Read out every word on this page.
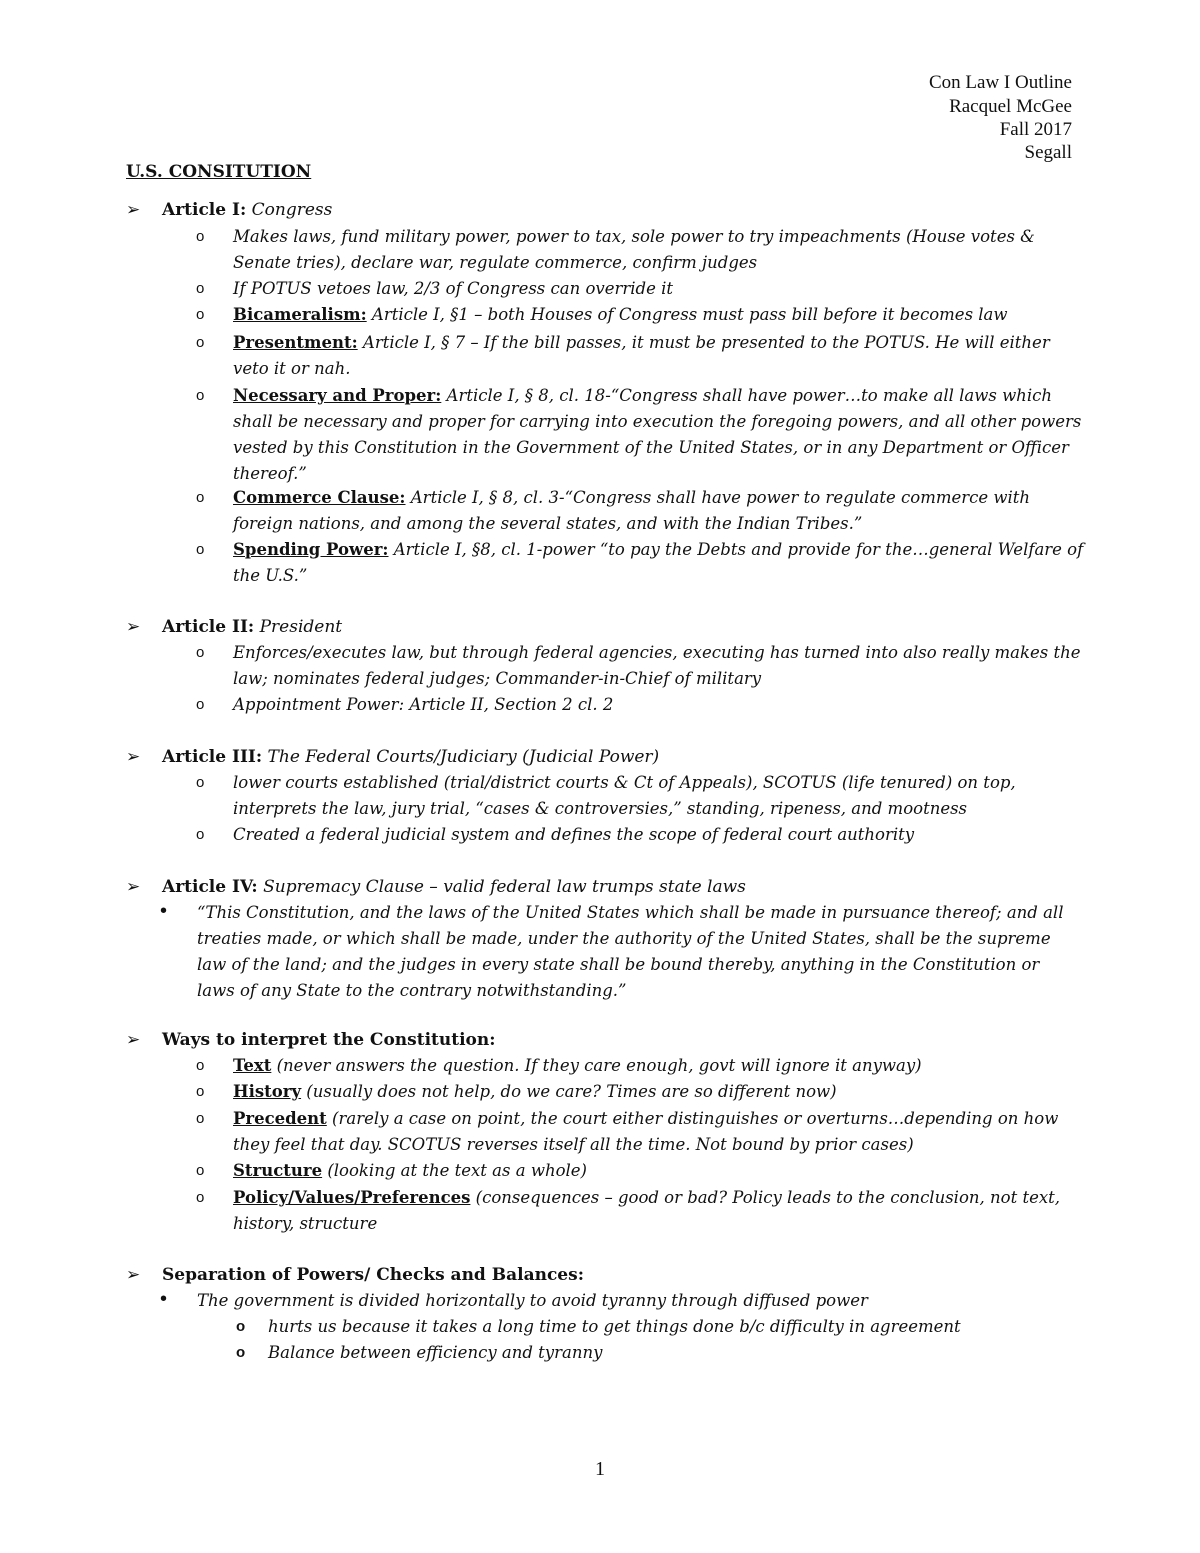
Con Law I Outline
Racquel McGee
Fall 2017
Segall
U.S. CONSITUTION
➢ Article I: Congress
o	Makes laws, fund military power, power to tax, sole power to try impeachments (House votes & Senate tries), declare war, regulate commerce, confirm judges
o	If POTUS vetoes law, 2/3 of Congress can override it
o	Bicameralism: Article I, §1 – both Houses of Congress must pass bill before it becomes law
o	Presentment: Article I, § 7 – If the bill passes, it must be presented to the POTUS. He will either veto it or nah.
o	Necessary and Proper: Article I, § 8, cl. 18-“Congress shall have power…to make all laws which shall be necessary and proper for carrying into execution the foregoing powers, and all other powers vested by this Constitution in the Government of the United States, or in any Department or Officer thereof.”
o	Commerce Clause: Article I, § 8, cl. 3-“Congress shall have power to regulate commerce with foreign nations, and among the several states, and with the Indian Tribes.”
o	Spending Power: Article I, §8, cl. 1-power “to pay the Debts and provide for the…general Welfare of the U.S.”
➢ Article II: President
o	Enforces/executes law, but through federal agencies, executing has turned into also really makes the law; nominates federal judges; Commander-in-Chief of military
o	Appointment Power: Article II, Section 2 cl. 2
➢ Article III: The Federal Courts/Judiciary (Judicial Power)
o	lower courts established (trial/district courts & Ct of Appeals), SCOTUS (life tenured) on top, interprets the law, jury trial, “cases & controversies,” standing, ripeness, and mootness
o	Created a federal judicial system and defines the scope of federal court authority
➢ Article IV: Supremacy Clause – valid federal law trumps state laws
•	“This Constitution, and the laws of the United States which shall be made in pursuance thereof; and all treaties made, or which shall be made, under the authority of the United States, shall be the supreme law of the land; and the judges in every state shall be bound thereby, anything in the Constitution or laws of any State to the contrary notwithstanding.”
➢ Ways to interpret the Constitution:
o	Text (never answers the question. If they care enough, govt will ignore it anyway)
o	History (usually does not help, do we care? Times are so different now)
o	Precedent (rarely a case on point, the court either distinguishes or overturns…depending on how they feel that day. SCOTUS reverses itself all the time. Not bound by prior cases)
o	Structure (looking at the text as a whole)
o	Policy/Values/Preferences (consequences – good or bad? Policy leads to the conclusion, not text, history, structure
➢ Separation of Powers/ Checks and Balances:
•	The government is divided horizontally to avoid tyranny through diffused power
o	hurts us because it takes a long time to get things done b/c difficulty in agreement
o	Balance between efficiency and tyranny
1
